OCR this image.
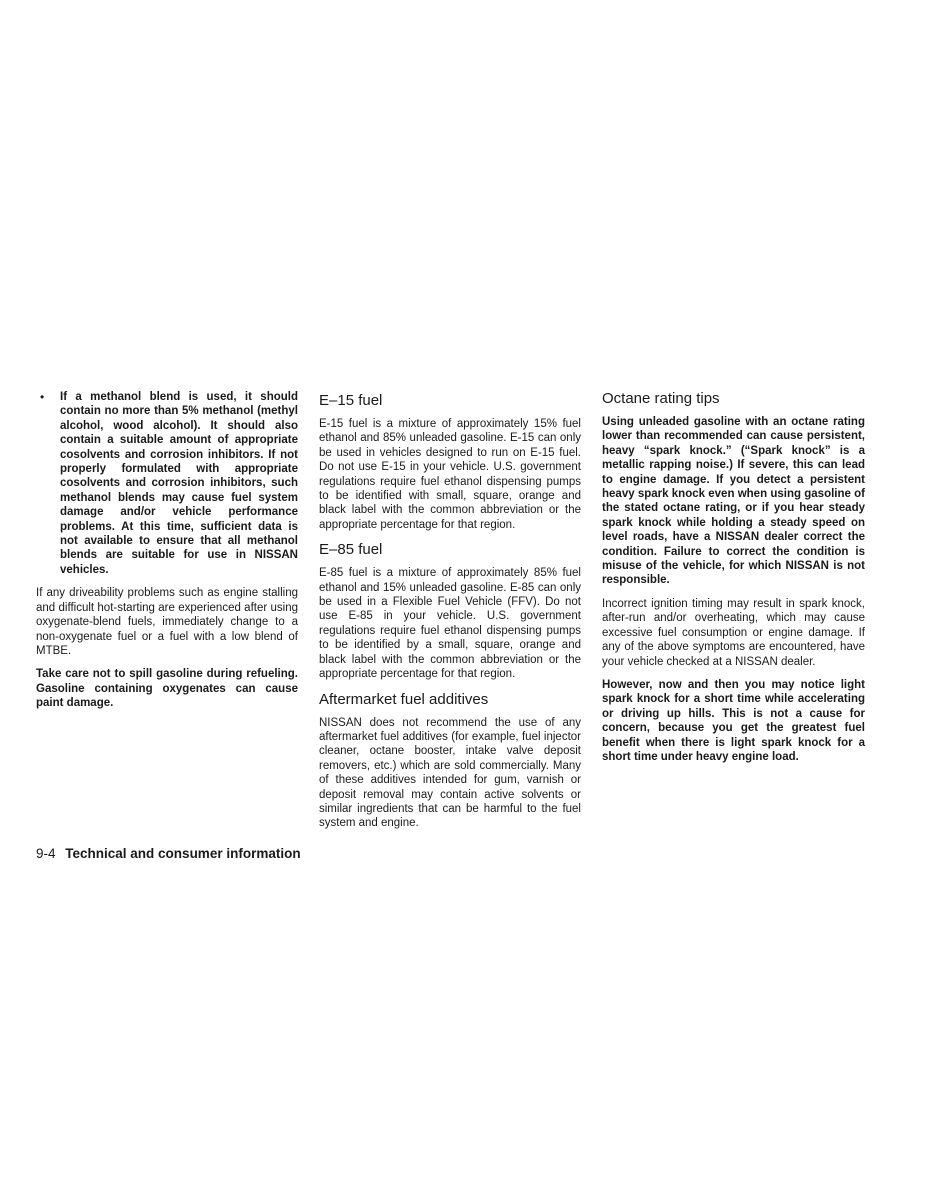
•	If a methanol blend is used, it should contain no more than 5% methanol (methyl alcohol, wood alcohol). It should also contain a suitable amount of appropriate cosolvents and corrosion inhibitors. If not properly formulated with appropriate cosolvents and corrosion inhibitors, such methanol blends may cause fuel system damage and/or vehicle performance problems. At this time, sufficient data is not available to ensure that all methanol blends are suitable for use in NISSAN vehicles.

If any driveability problems such as engine stalling and difficult hot-starting are experienced after using oxygenate-blend fuels, immediately change to a non-oxygenate fuel or a fuel with a low blend of MTBE.

Take care not to spill gasoline during refueling. Gasoline containing oxygenates can cause paint damage.

E–15 fuel

E-15 fuel is a mixture of approximately 15% fuel ethanol and 85% unleaded gasoline. E-15 can only be used in vehicles designed to run on E-15 fuel. Do not use E-15 in your vehicle. U.S. government regulations require fuel ethanol dispensing pumps to be identified with small, square, orange and black label with the common abbreviation or the appropriate percentage for that region.

E–85 fuel

E-85 fuel is a mixture of approximately 85% fuel ethanol and 15% unleaded gasoline. E-85 can only be used in a Flexible Fuel Vehicle (FFV). Do not use E-85 in your vehicle. U.S. government regulations require fuel ethanol dispensing pumps to be identified by a small, square, orange and black label with the common abbreviation or the appropriate percentage for that region.

Aftermarket fuel additives

NISSAN does not recommend the use of any aftermarket fuel additives (for example, fuel injector cleaner, octane booster, intake valve deposit removers, etc.) which are sold commercially. Many of these additives intended for gum, varnish or deposit removal may contain active solvents or similar ingredients that can be harmful to the fuel system and engine.

Octane rating tips

Using unleaded gasoline with an octane rating lower than recommended can cause persistent, heavy “spark knock.” (“Spark knock” is a metallic rapping noise.) If severe, this can lead to engine damage. If you detect a persistent heavy spark knock even when using gasoline of the stated octane rating, or if you hear steady spark knock while holding a steady speed on level roads, have a NISSAN dealer correct the condition. Failure to correct the condition is misuse of the vehicle, for which NISSAN is not responsible.

Incorrect ignition timing may result in spark knock, after-run and/or overheating, which may cause excessive fuel consumption or engine damage. If any of the above symptoms are encountered, have your vehicle checked at a NISSAN dealer.

However, now and then you may notice light spark knock for a short time while accelerating or driving up hills. This is not a cause for concern, because you get the greatest fuel benefit when there is light spark knock for a short time under heavy engine load.

9-4 Technical and consumer information
